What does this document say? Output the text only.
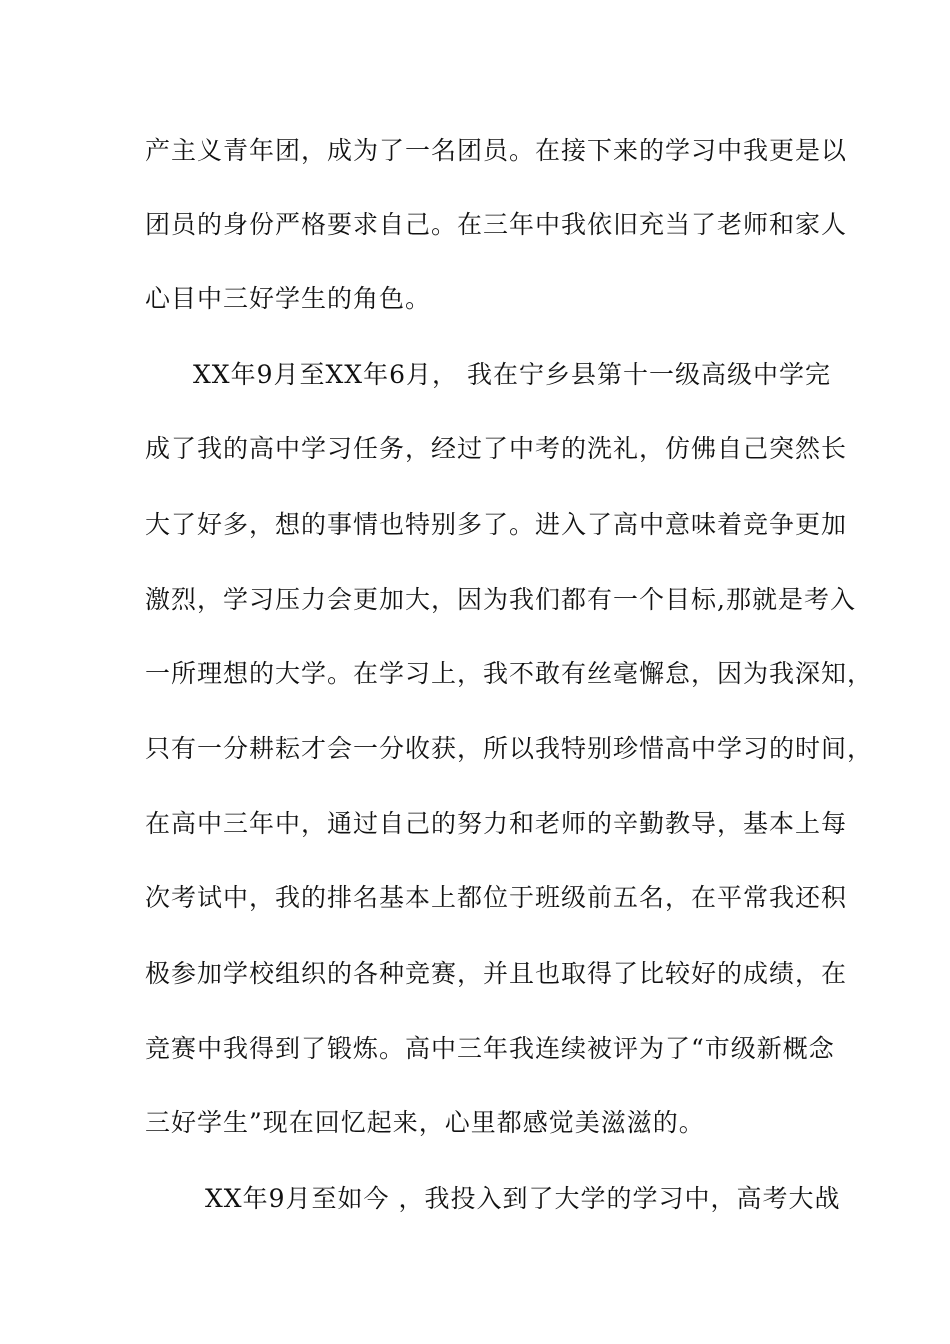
产主义青年团，成为了一名团员。在接下来的学习中我更是以

团员的身份严格要求自己。在三年中我依旧充当了老师和家人

心目中三好学生的角色。

XX年9月至XX年6月， 我在宁乡县第十一级高级中学完

成了我的高中学习任务，经过了中考的洗礼，仿佛自己突然长

大了好多，想的事情也特别多了。进入了高中意味着竞争更加

激烈，学习压力会更加大，因为我们都有一个目标,那就是考入

一所理想的大学。在学习上，我不敢有丝毫懈怠，因为我深知，

只有一分耕耘才会一分收获，所以我特别珍惜高中学习的时间，

在高中三年中，通过自己的努力和老师的辛勤教导，基本上每

次考试中，我的排名基本上都位于班级前五名，在平常我还积

极参加学校组织的各种竞赛，并且也取得了比较好的成绩，在

竞赛中我得到了锻炼。高中三年我连续被评为了“市级新概念

三好学生”现在回忆起来，心里都感觉美滋滋的。

XX年9月至如今 ，我投入到了大学的学习中，高考大战
